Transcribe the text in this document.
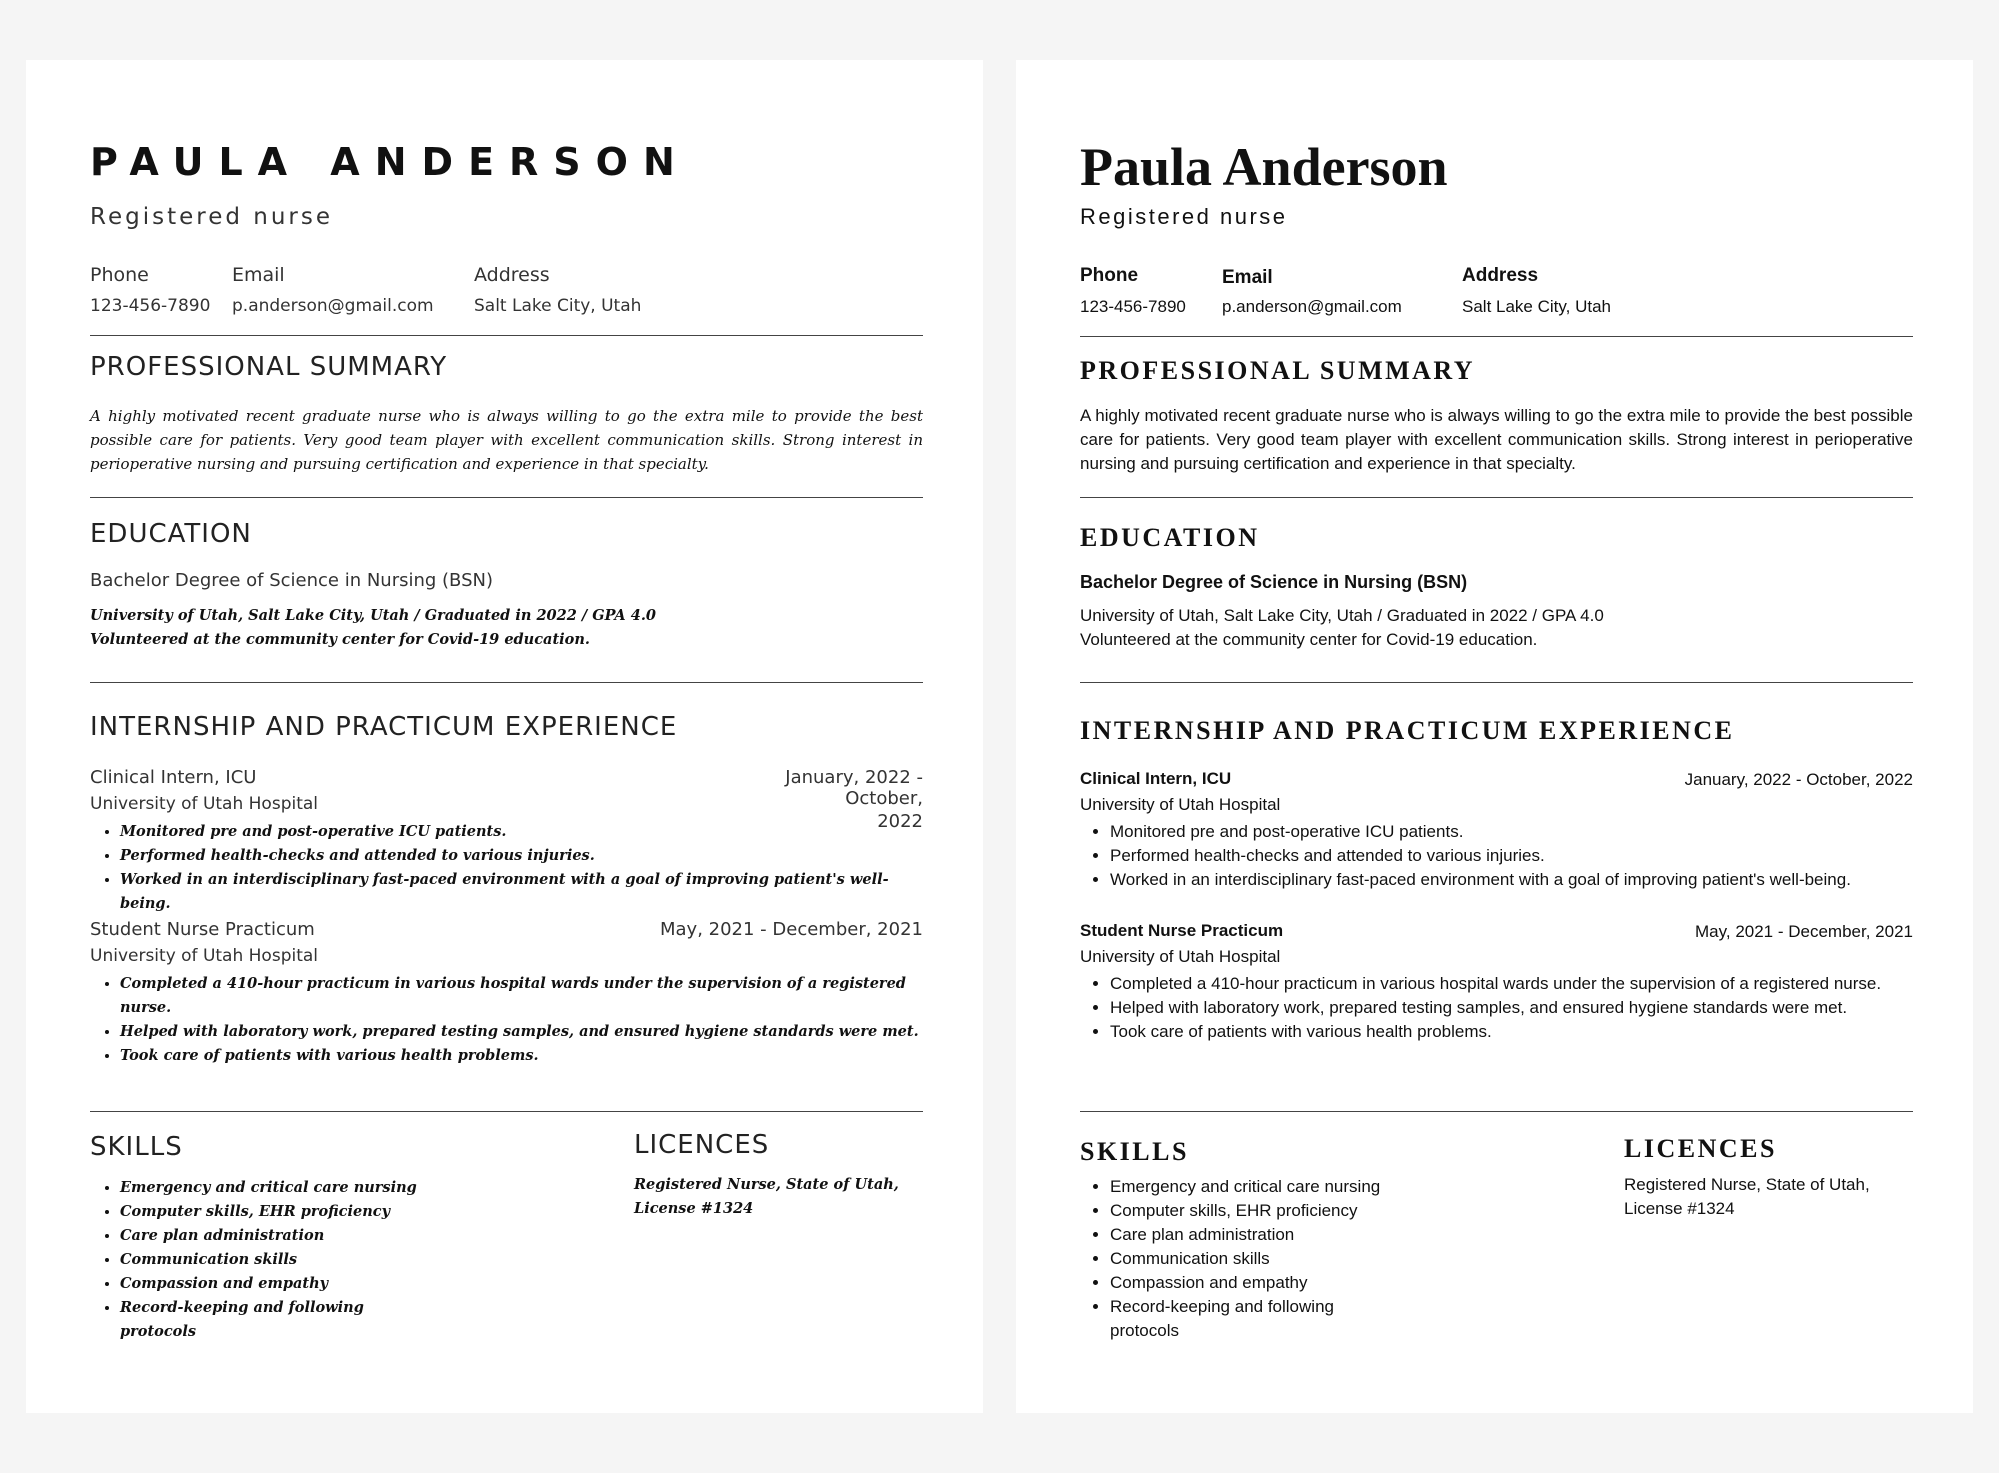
PAULA ANDERSON
Registered nurse
Phone	Email	Address
123-456-7890 p.anderson@gmail.com Salt Lake City, Utah
PROFESSIONAL SUMMARY
A highly motivated recent graduate nurse who is always willing to go the extra mile to provide the best possible care for patients. Very good team player with excellent communication skills. Strong interest in perioperative nursing and pursuing certification and experience in that specialty.
EDUCATION
Bachelor Degree of Science in Nursing (BSN)
University of Utah, Salt Lake City, Utah / Graduated in 2022 / GPA 4.0
Volunteered at the community center for Covid-19 education.
INTERNSHIP AND PRACTICUM EXPERIENCE
Clinical Intern, ICU	January, 2022 - October,
2022
University of Utah Hospital
• Monitored pre and post-operative ICU patients.
• Performed health-checks and attended to various injuries.
• Worked in an interdisciplinary fast-paced environment with a goal of improving patient's well-being.
Student Nurse Practicum	May, 2021 - December, 2021
University of Utah Hospital
• Completed a 410-hour practicum in various hospital wards under the supervision of a registered nurse.
• Helped with laboratory work, prepared testing samples, and ensured hygiene standards were met.
• Took care of patients with various health problems.
SKILLS
• Emergency and critical care nursing
• Computer skills, EHR proficiency
• Care plan administration
• Communication skills
• Compassion and empathy
• Record-keeping and following protocols
LICENCES
Registered Nurse, State of Utah,
License #1324
Paula Anderson
Registered nurse
Phone	Email	Address
123-456-7890 p.anderson@gmail.com	Salt Lake City, Utah
PROFESSIONAL SUMMARY
A highly motivated recent graduate nurse who is always willing to go the extra mile to provide the best possible care for patients. Very good team player with excellent communication skills. Strong interest in perioperative nursing and pursuing certification and experience in that specialty.
EDUCATION
Bachelor Degree of Science in Nursing (BSN)
University of Utah, Salt Lake City, Utah / Graduated in 2022 / GPA 4.0
Volunteered at the community center for Covid-19 education.
INTERNSHIP AND PRACTICUM EXPERIENCE
Clinical Intern, ICU	January, 2022 - October, 2022
University of Utah Hospital
• Monitored pre and post-operative ICU patients.
• Performed health-checks and attended to various injuries.
• Worked in an interdisciplinary fast-paced environment with a goal of improving patient's well-being.
Student Nurse Practicum	May, 2021 - December, 2021
University of Utah Hospital
• Completed a 410-hour practicum in various hospital wards under the supervision of a registered nurse.
• Helped with laboratory work, prepared testing samples, and ensured hygiene standards were met.
• Took care of patients with various health problems.
SKILLS
• Emergency and critical care nursing
• Computer skills, EHR proficiency
• Care plan administration
• Communication skills
• Compassion and empathy
• Record-keeping and following protocols
LICENCES
Registered Nurse, State of Utah,
License #1324
